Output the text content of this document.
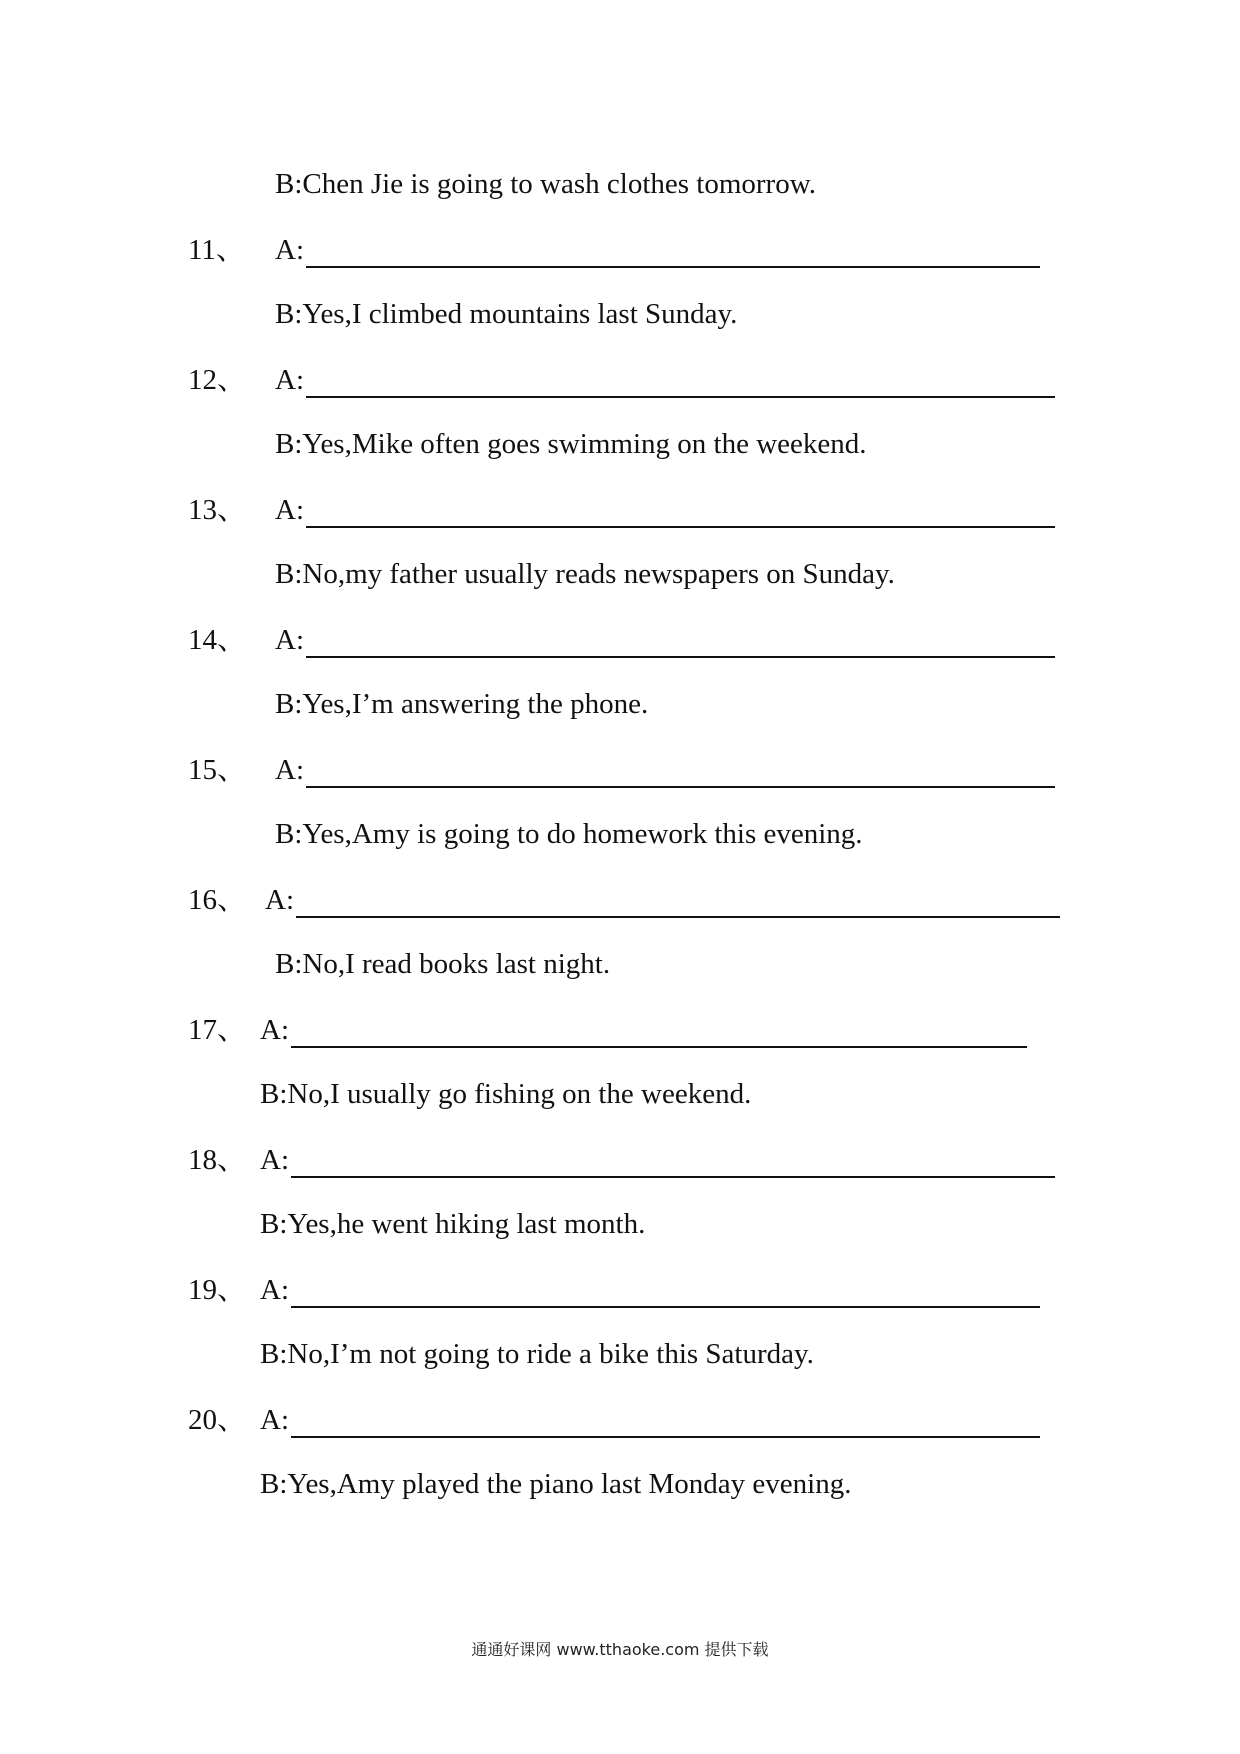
B:Chen Jie is going to wash clothes tomorrow.
11、 A:
B:Yes,I climbed mountains last Sunday.
12、 A:
B:Yes,Mike often goes swimming on the weekend.
13、 A:
B:No,my father usually reads newspapers on Sunday.
14、 A:
B:Yes,I’m answering the phone.
15、 A:
B:Yes,Amy is going to do homework this evening.
16、 A:
B:No,I read books last night.
17、 A:
B:No,I usually go fishing on the weekend.
18、 A:
B:Yes,he went hiking last month.
19、 A:
B:No,I’m not going to ride a bike this Saturday.
20、 A:
B:Yes,Amy played the piano last Monday evening.
通通好课网 www.tthaoke.com 提供下载
